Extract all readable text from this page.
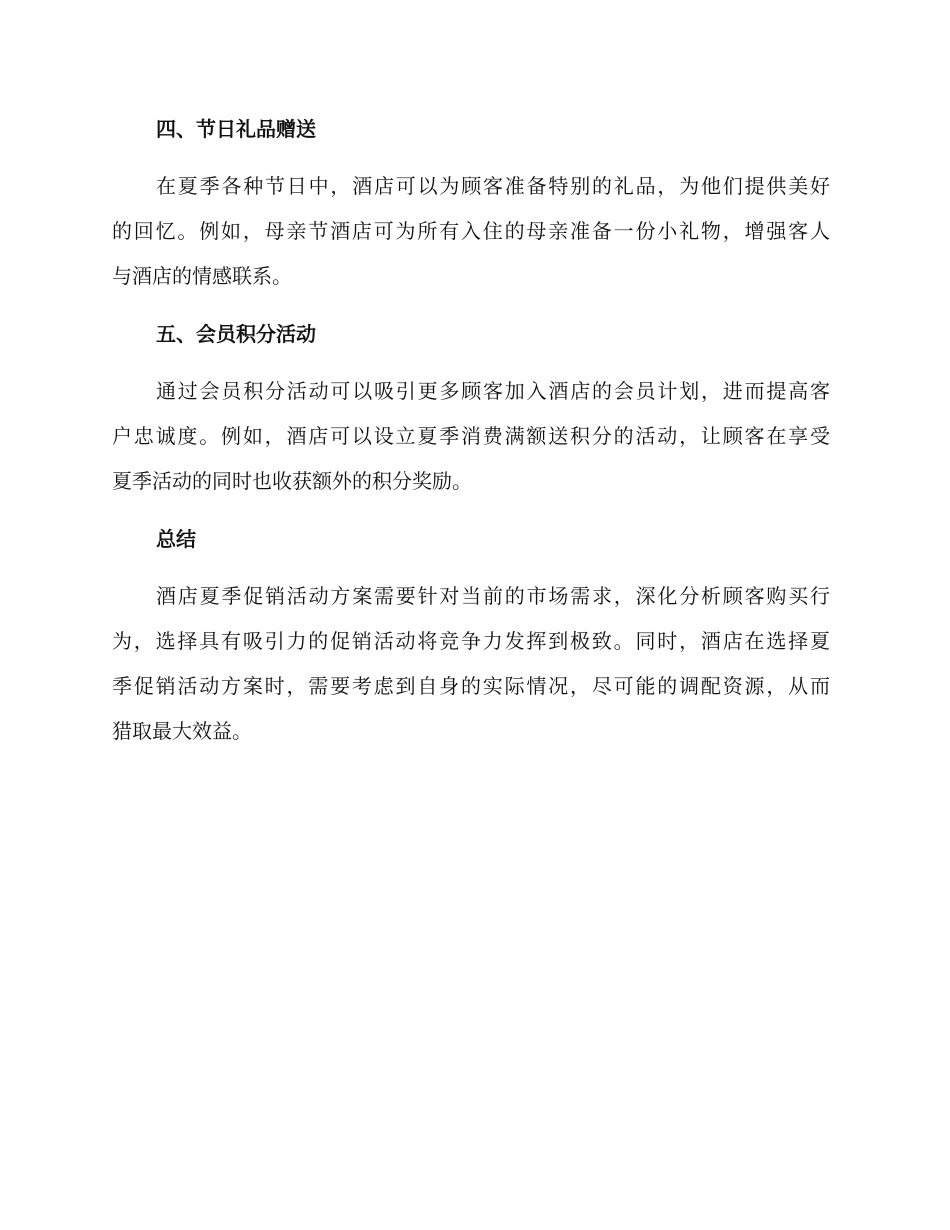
四、节日礼品赠送

在夏季各种节日中，酒店可以为顾客准备特别的礼品，为他们提供美好
的回忆。例如，母亲节酒店可为所有入住的母亲准备一份小礼物，增强客人
与酒店的情感联系。

五、会员积分活动

通过会员积分活动可以吸引更多顾客加入酒店的会员计划，进而提高客
户忠诚度。例如，酒店可以设立夏季消费满额送积分的活动，让顾客在享受
夏季活动的同时也收获额外的积分奖励。

总结

酒店夏季促销活动方案需要针对当前的市场需求，深化分析顾客购买行
为，选择具有吸引力的促销活动将竞争力发挥到极致。同时，酒店在选择夏
季促销活动方案时，需要考虑到自身的实际情况，尽可能的调配资源，从而
猎取最大效益。
